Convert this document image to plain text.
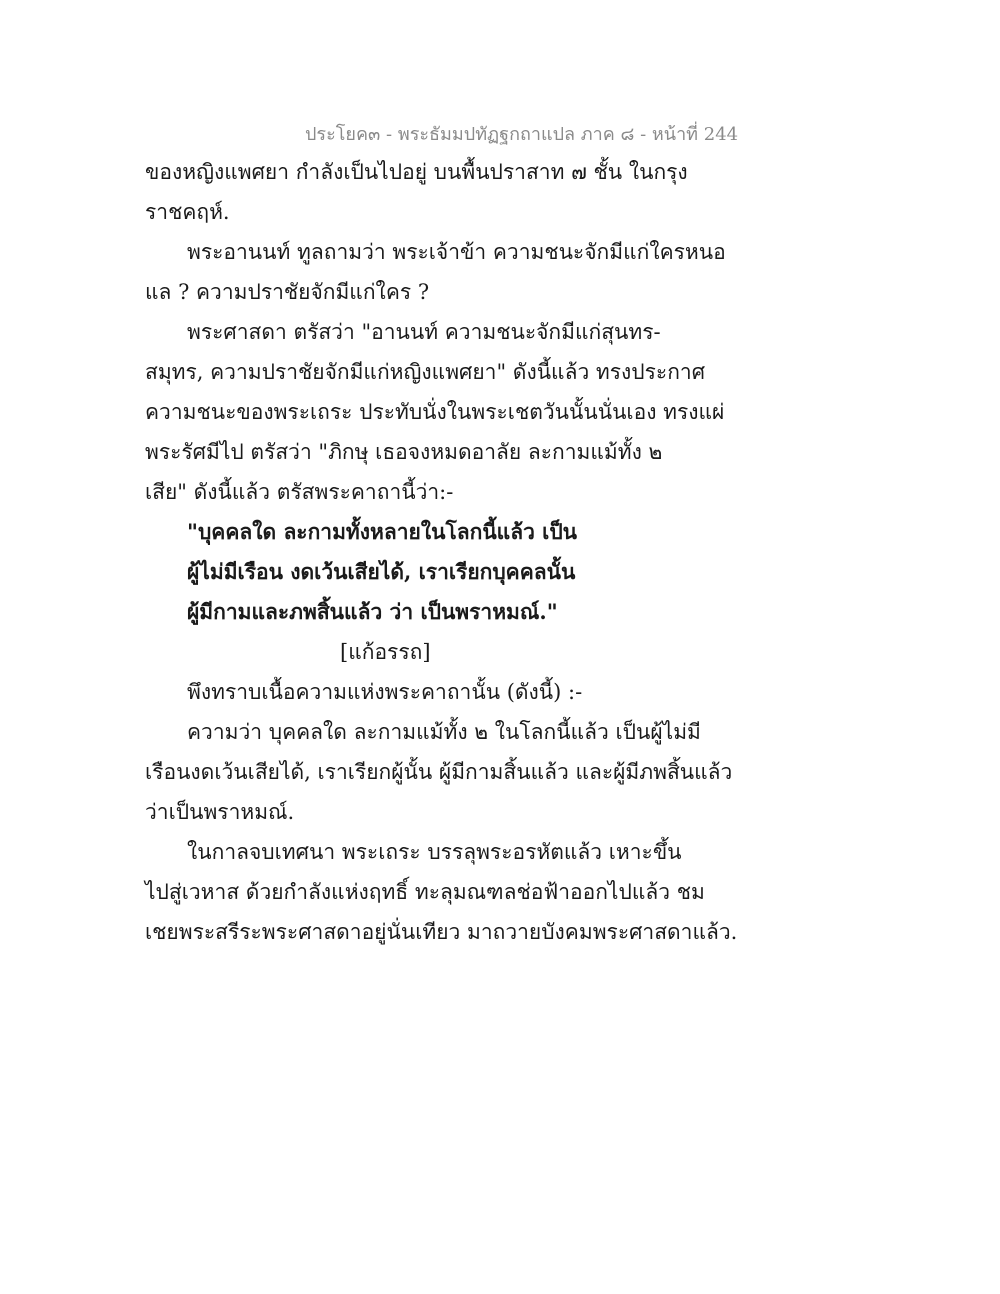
ประโยค๓ - พระธัมมปทัฏฐกถาแปล ภาค ๘ - หน้าที่ 244
ของหญิงแพศยา กำลังเป็นไปอยู่ บนพื้นปราสาท ๗ ชั้น ในกรุง
ราชคฤห์.
พระอานนท์ ทูลถามว่า พระเจ้าข้า ความชนะจักมีแก่ใครหนอ
แล ? ความปราชัยจักมีแก่ใคร ?
พระศาสดา ตรัสว่า "อานนท์ ความชนะจักมีแก่สุนทร-
สมุทร, ความปราชัยจักมีแก่หญิงแพศยา" ดังนี้แล้ว ทรงประกาศ
ความชนะของพระเถระ ประทับนั่งในพระเชตวันนั้นนั่นเอง ทรงแผ่
พระรัศมีไป ตรัสว่า "ภิกษุ เธอจงหมดอาลัย ละกามแม้ทั้ง ๒
เสีย" ดังนี้แล้ว ตรัสพระคาถานี้ว่า:-
"บุคคลใด ละกามทั้งหลายในโลกนี้แล้ว เป็น
ผู้ไม่มีเรือน งดเว้นเสียได้, เราเรียกบุคคลนั้น
ผู้มีกามและภพสิ้นแล้ว ว่า เป็นพราหมณ์."
[แก้อรรถ]
พึงทราบเนื้อความแห่งพระคาถานั้น (ดังนี้) :-
ความว่า บุคคลใด ละกามแม้ทั้ง ๒ ในโลกนี้แล้ว เป็นผู้ไม่มี
เรือนงดเว้นเสียได้, เราเรียกผู้นั้น ผู้มีกามสิ้นแล้ว และผู้มีภพสิ้นแล้ว
ว่าเป็นพราหมณ์.
ในกาลจบเทศนา พระเถระ บรรลุพระอรหัตแล้ว เหาะขึ้น
ไปสู่เวหาส ด้วยกำลังแห่งฤทธิ์ ทะลุมณฑลช่อฟ้าออกไปแล้ว ชม
เชยพระสรีระพระศาสดาอยู่นั่นเทียว มาถวายบังคมพระศาสดาแล้ว.
